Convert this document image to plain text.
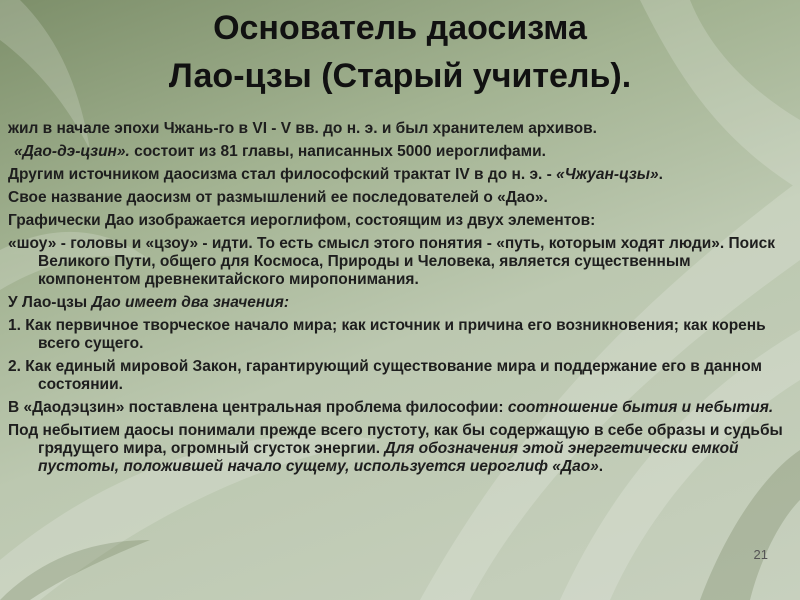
Основатель даосизма
Лао-цзы (Старый учитель).

жил в начале эпохи Чжань-го в VI - V вв. до н. э. и был хранителем архивов.

«Дао-дэ-цзин». состоит из 81 главы, написанных 5000 иероглифами.

Другим источником даосизма стал философский трактат IV в до н. э. - «Чжуан-цзы».

Свое название даосизм от размышлений ее последователей о «Дао».

Графически Дао изображается иероглифом, состоящим из двух элементов:

«шоу» - головы и «цзоу» - идти. То есть смысл этого понятия - «путь, которым ходят люди». Поиск Великого Пути, общего для Космоса, Природы и Человека, является существенным компонентом древнекитайского миропонимания.

У Лао-цзы Дао имеет два значения:

1. Как первичное творческое начало мира; как источник и причина его возникновения; как корень всего сущего.

2. Как единый мировой Закон, гарантирующий существование мира и поддержание его в данном состоянии.

В «Даодэцзин» поставлена центральная проблема философии: соотношение бытия и небытия.

Под небытием даосы понимали прежде всего пустоту, как бы содержащую в себе образы и судьбы грядущего мира, огромный сгусток энергии. Для обозначения этой энергетически емкой пустоты, положившей начало сущему, используется иероглиф «Дао».

21
